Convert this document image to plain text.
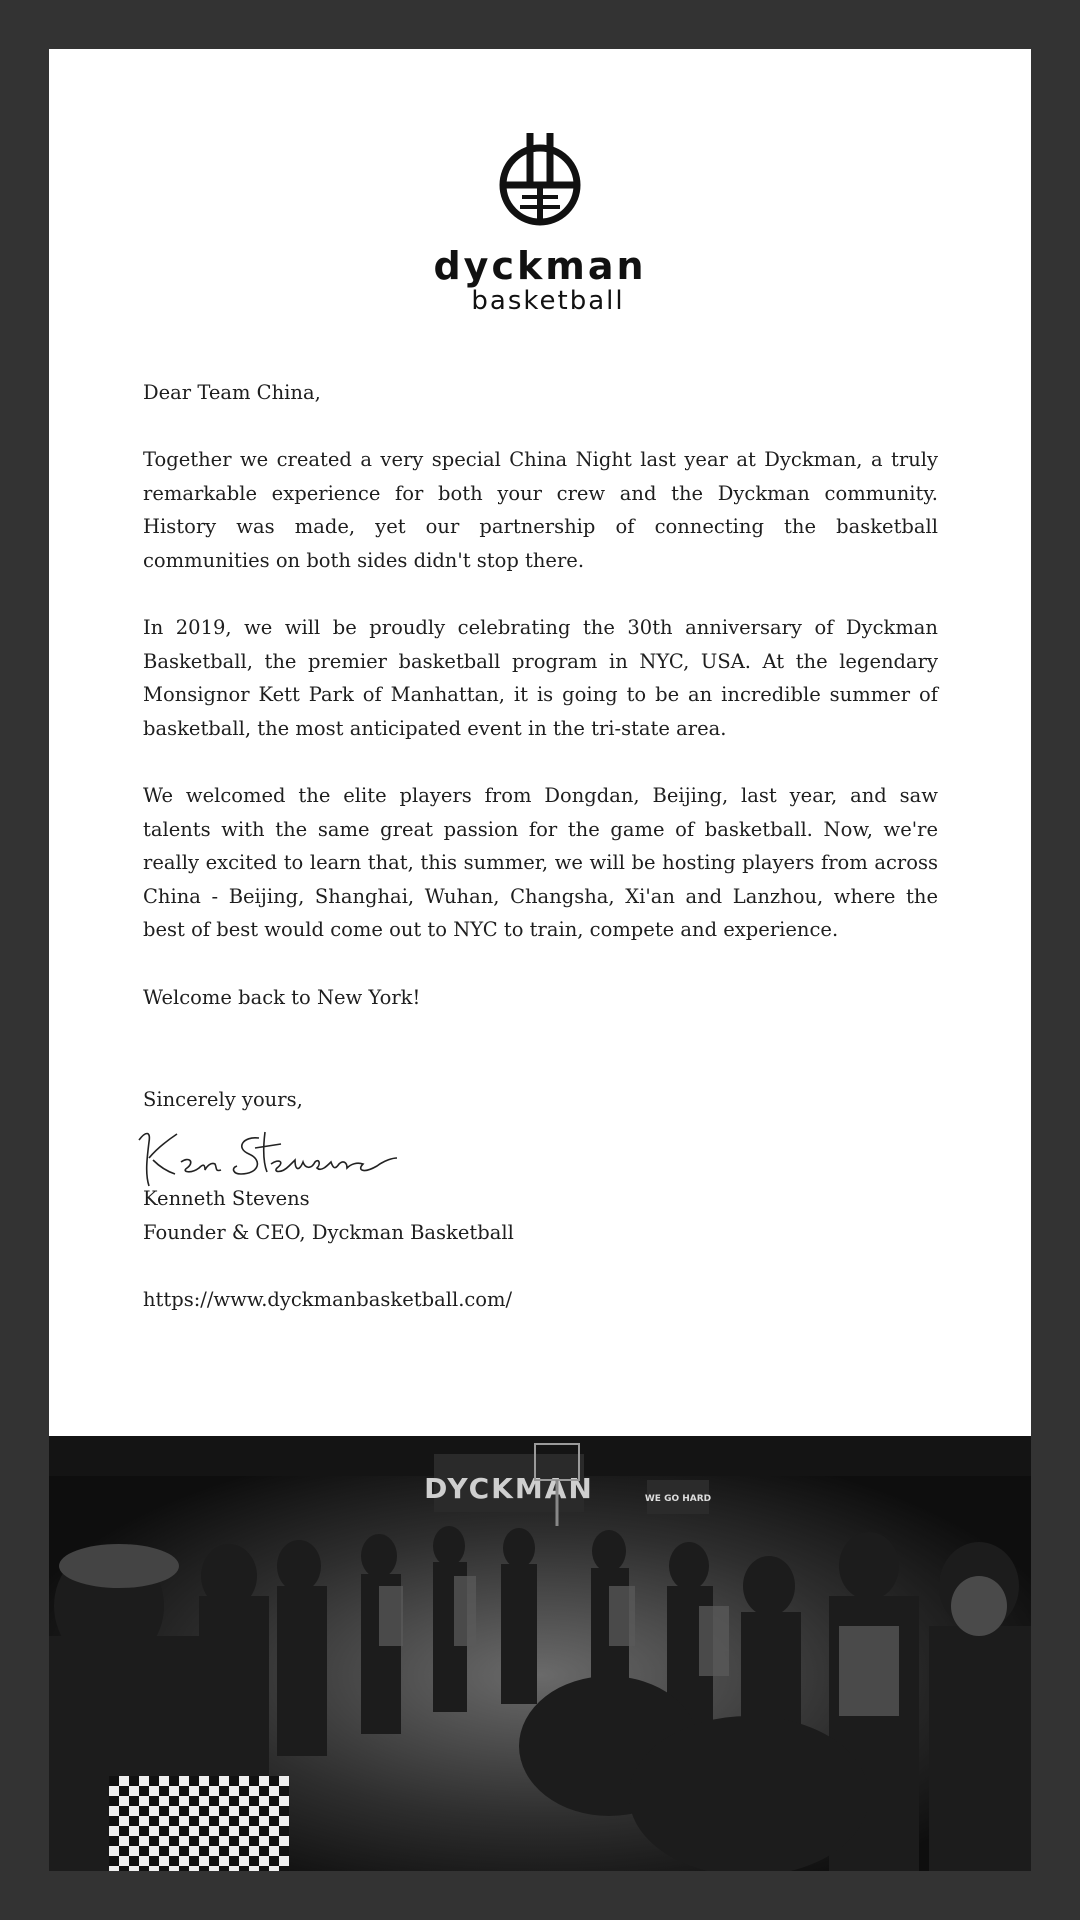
dyckman
basketball
Dear Team China,
Together we created a very special China Night last year at Dyckman, a truly remarkable experience for both your crew and the Dyckman community. History was made, yet our partnership of connecting the basketball communities on both sides didn't stop there.
In 2019, we will be proudly celebrating the 30th anniversary of Dyckman Basketball, the premier basketball program in NYC, USA. At the legendary Monsignor Kett Park of Manhattan, it is going to be an incredible summer of basketball, the most anticipated event in the tri-state area.
We welcomed the elite players from Dongdan, Beijing, last year, and saw talents with the same great passion for the game of basketball. Now, we're really excited to learn that, this summer, we will be hosting players from across China - Beijing, Shanghai, Wuhan, Changsha, Xi'an and Lanzhou, where the best of best would come out to NYC to train, compete and experience.
Welcome back to New York!
Sincerely yours,
Kenneth Stevens
Founder & CEO, Dyckman Basketball
https://www.dyckmanbasketball.com/
DYCKMAN	WE GO HARD
